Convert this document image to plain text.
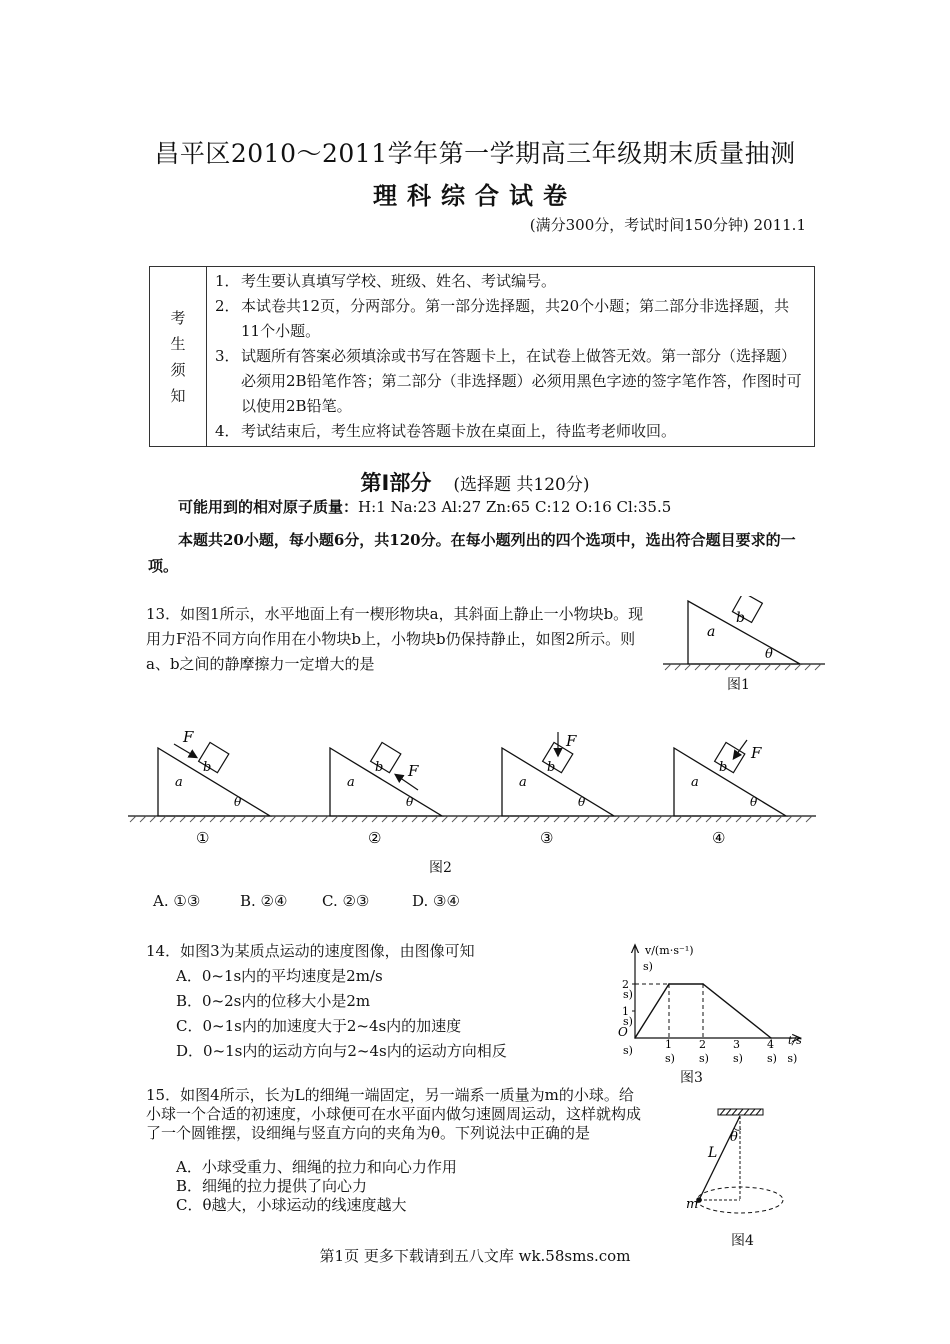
昌平区2010～2011学年第一学期高三年级期末质量抽测
理科综合试卷
(满分300分，考试时间150分钟) 2011.1
考
生
须
知

1． 考生要认真填写学校、班级、姓名、考试编号。
2． 本试卷共12页，分两部分。第一部分选择题，共20个小题；第二部分非选择题，共11个小题。
3． 试题所有答案必须填涂或书写在答题卡上，在试卷上做答无效。第一部分（选择题）必须用2B铅笔作答；第二部分（非选择题）必须用黑色字迹的签字笔作答，作图时可以使用2B铅笔。
4． 考试结束后，考生应将试卷答题卡放在桌面上，待监考老师收回。
第Ⅰ部分 (选择题 共120分)
可能用到的相对原子质量：H:1 Na:23 Al:27 Zn:65 C:12 O:16 Cl:35.5
本题共20小题，每小题6分，共120分。在每小题列出的四个选项中，选出符合题目要求的一项。
13．如图1所示，水平地面上有一楔形物块a，其斜面上静止一小物块b。现用力F沿不同方向作用在小物块b上，小物块b仍保持静止，如图2所示。则a、b之间的静摩擦力一定增大的是
b
a
θ
图1
F
b
a
θ
①
F
b
a
θ
②
F
b
a
θ
③
F
b
a
θ
④
图2
A. ①③	B. ②④ C. ②③	D. ③④
14．如图3为某质点运动的速度图像，由图像可知
A．0~1s内的平均速度是2m/s
B．0~2s内的位移大小是2m
C．0~1s内的加速度大于2~4s内的加速度
D．0~1s内的运动方向与2~4s内的运动方向相反
v/(m⋅s⁻¹)
t/s
O
2
1
1 2 3 4
s)
s)
s)
s)
s) s) s) s) s)
图3
15．如图4所示，长为L的细绳一端固定，另一端系一质量为m的小球。给小球一个合适的初速度，小球便可在水平面内做匀速圆周运动，这样就构成了一个圆锥摆，设细绳与竖直方向的夹角为θ。下列说法中正确的是
A．小球受重力、细绳的拉力和向心力作用
B．细绳的拉力提供了向心力
C．θ越大，小球运动的线速度越大
θ
L
m
图4
第1页 更多下载请到五八文库 wk.58sms.com
